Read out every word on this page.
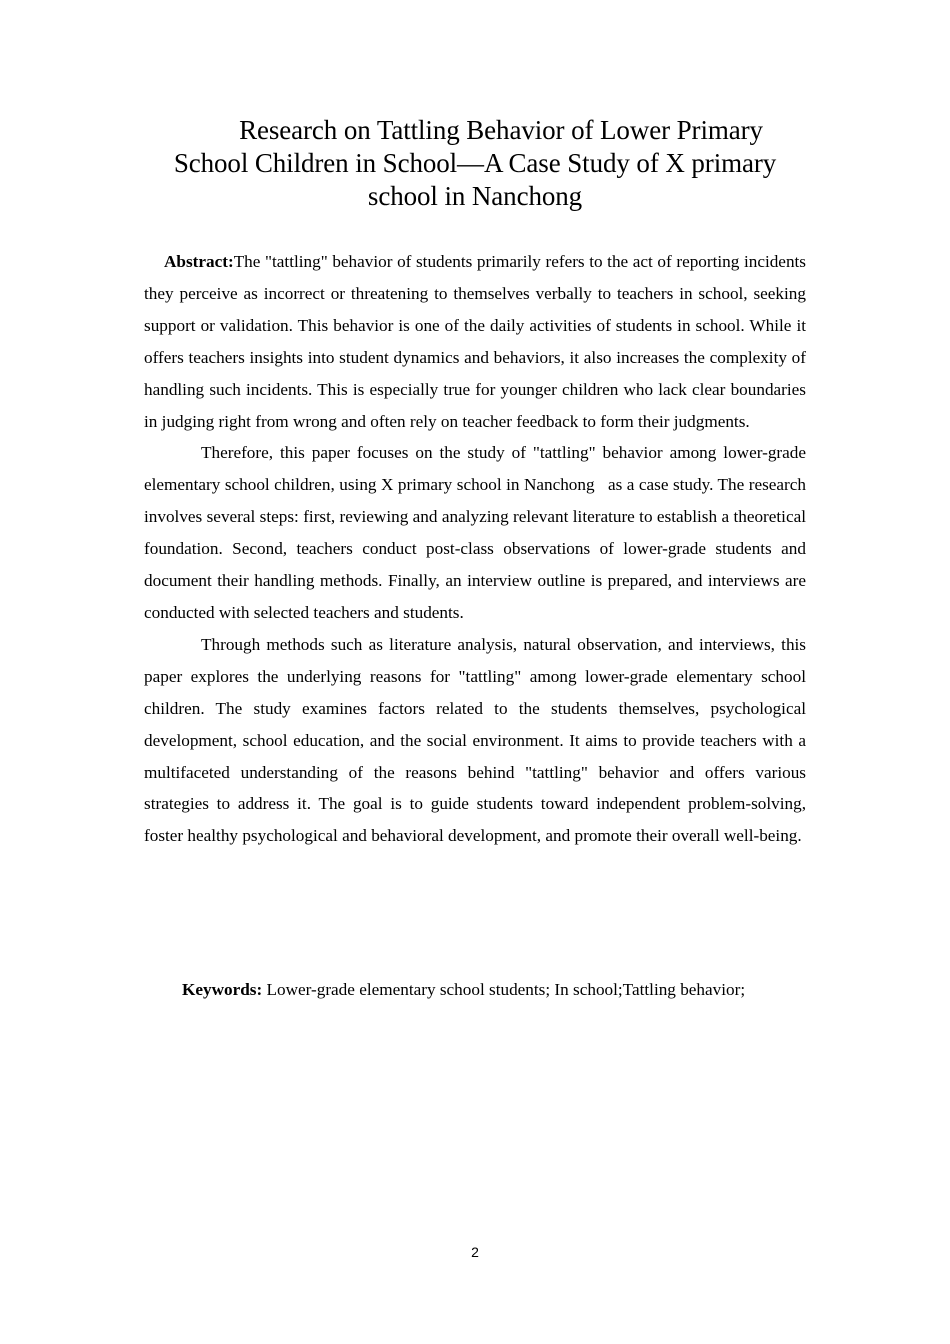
Research on Tattling Behavior of Lower Primary
School Children in School—A Case Study of X primary
school in Nanchong

Abstract:The "tattling" behavior of students primarily refers to the act of reporting incidents they perceive as incorrect or threatening to themselves verbally to teachers in school, seeking support or validation. This behavior is one of the daily activities of students in school. While it offers teachers insights into student dynamics and behaviors, it also increases the complexity of handling such incidents. This is especially true for younger children who lack clear boundaries in judging right from wrong and often rely on teacher feedback to form their judgments.

Therefore, this paper focuses on the study of "tattling" behavior among lower-grade elementary school children, using X primary school in Nanchong   as a case study. The research involves several steps: first, reviewing and analyzing relevant literature to establish a theoretical foundation. Second, teachers conduct post-class observations of lower-grade students and document their handling methods. Finally, an interview outline is prepared, and interviews are conducted with selected teachers and students.

Through methods such as literature analysis, natural observation, and interviews, this paper explores the underlying reasons for "tattling" among lower-grade elementary school children. The study examines factors related to the students themselves, psychological development, school education, and the social environment. It aims to provide teachers with a multifaceted understanding of the reasons behind "tattling" behavior and offers various strategies to address it. The goal is to guide students toward independent problem-solving, foster healthy psychological and behavioral development, and promote their overall well-being.

Keywords: Lower-grade elementary school students; In school;Tattling behavior;

2
